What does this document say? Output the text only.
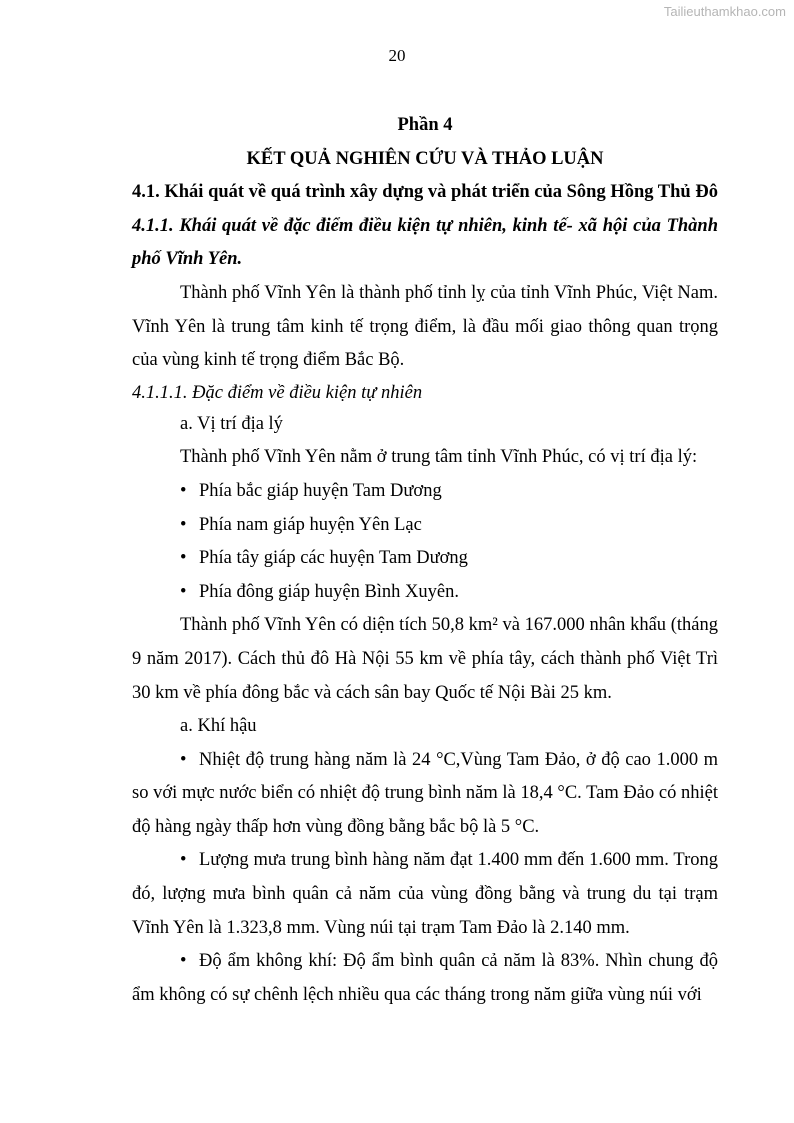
Tailieuthamkhao.com
20

Phần 4

KẾT QUẢ NGHIÊN CỨU VÀ THẢO LUẬN

4.1. Khái quát về quá trình xây dựng và phát triển của Sông Hồng Thủ Đô

4.1.1. Khái quát về đặc điểm điều kiện tự nhiên, kinh tế- xã hội của Thành phố Vĩnh Yên.

Thành phố Vĩnh Yên là thành phố tỉnh lỵ của tỉnh Vĩnh Phúc, Việt Nam. Vĩnh Yên là trung tâm kinh tế trọng điểm, là đầu mối giao thông quan trọng của vùng kinh tế trọng điểm Bắc Bộ.

4.1.1.1. Đặc điểm về điều kiện tự nhiên

a. Vị trí địa lý

Thành phố Vĩnh Yên nằm ở trung tâm tỉnh Vĩnh Phúc, có vị trí địa lý:

• Phía bắc giáp huyện Tam Dương

• Phía nam giáp huyện Yên Lạc

• Phía tây giáp các huyện Tam Dương

• Phía đông giáp huyện Bình Xuyên.

Thành phố Vĩnh Yên có diện tích 50,8 km² và 167.000 nhân khẩu (tháng 9 năm 2017). Cách thủ đô Hà Nội 55 km về phía tây, cách thành phố Việt Trì 30 km về phía đông bắc và cách sân bay Quốc tế Nội Bài 25 km.

a. Khí hậu

• Nhiệt độ trung hàng năm là 24 °C,Vùng Tam Đảo, ở độ cao 1.000 m so với mực nước biển có nhiệt độ trung bình năm là 18,4 °C. Tam Đảo có nhiệt độ hàng ngày thấp hơn vùng đồng bằng bắc bộ là 5 °C.

• Lượng mưa trung bình hàng năm đạt 1.400 mm đến 1.600 mm. Trong đó, lượng mưa bình quân cả năm của vùng đồng bằng và trung du tại trạm Vĩnh Yên là 1.323,8 mm. Vùng núi tại trạm Tam Đảo là 2.140 mm.

• Độ ẩm không khí: Độ ẩm bình quân cả năm là 83%. Nhìn chung độ ẩm không có sự chênh lệch nhiều qua các tháng trong năm giữa vùng núi với
